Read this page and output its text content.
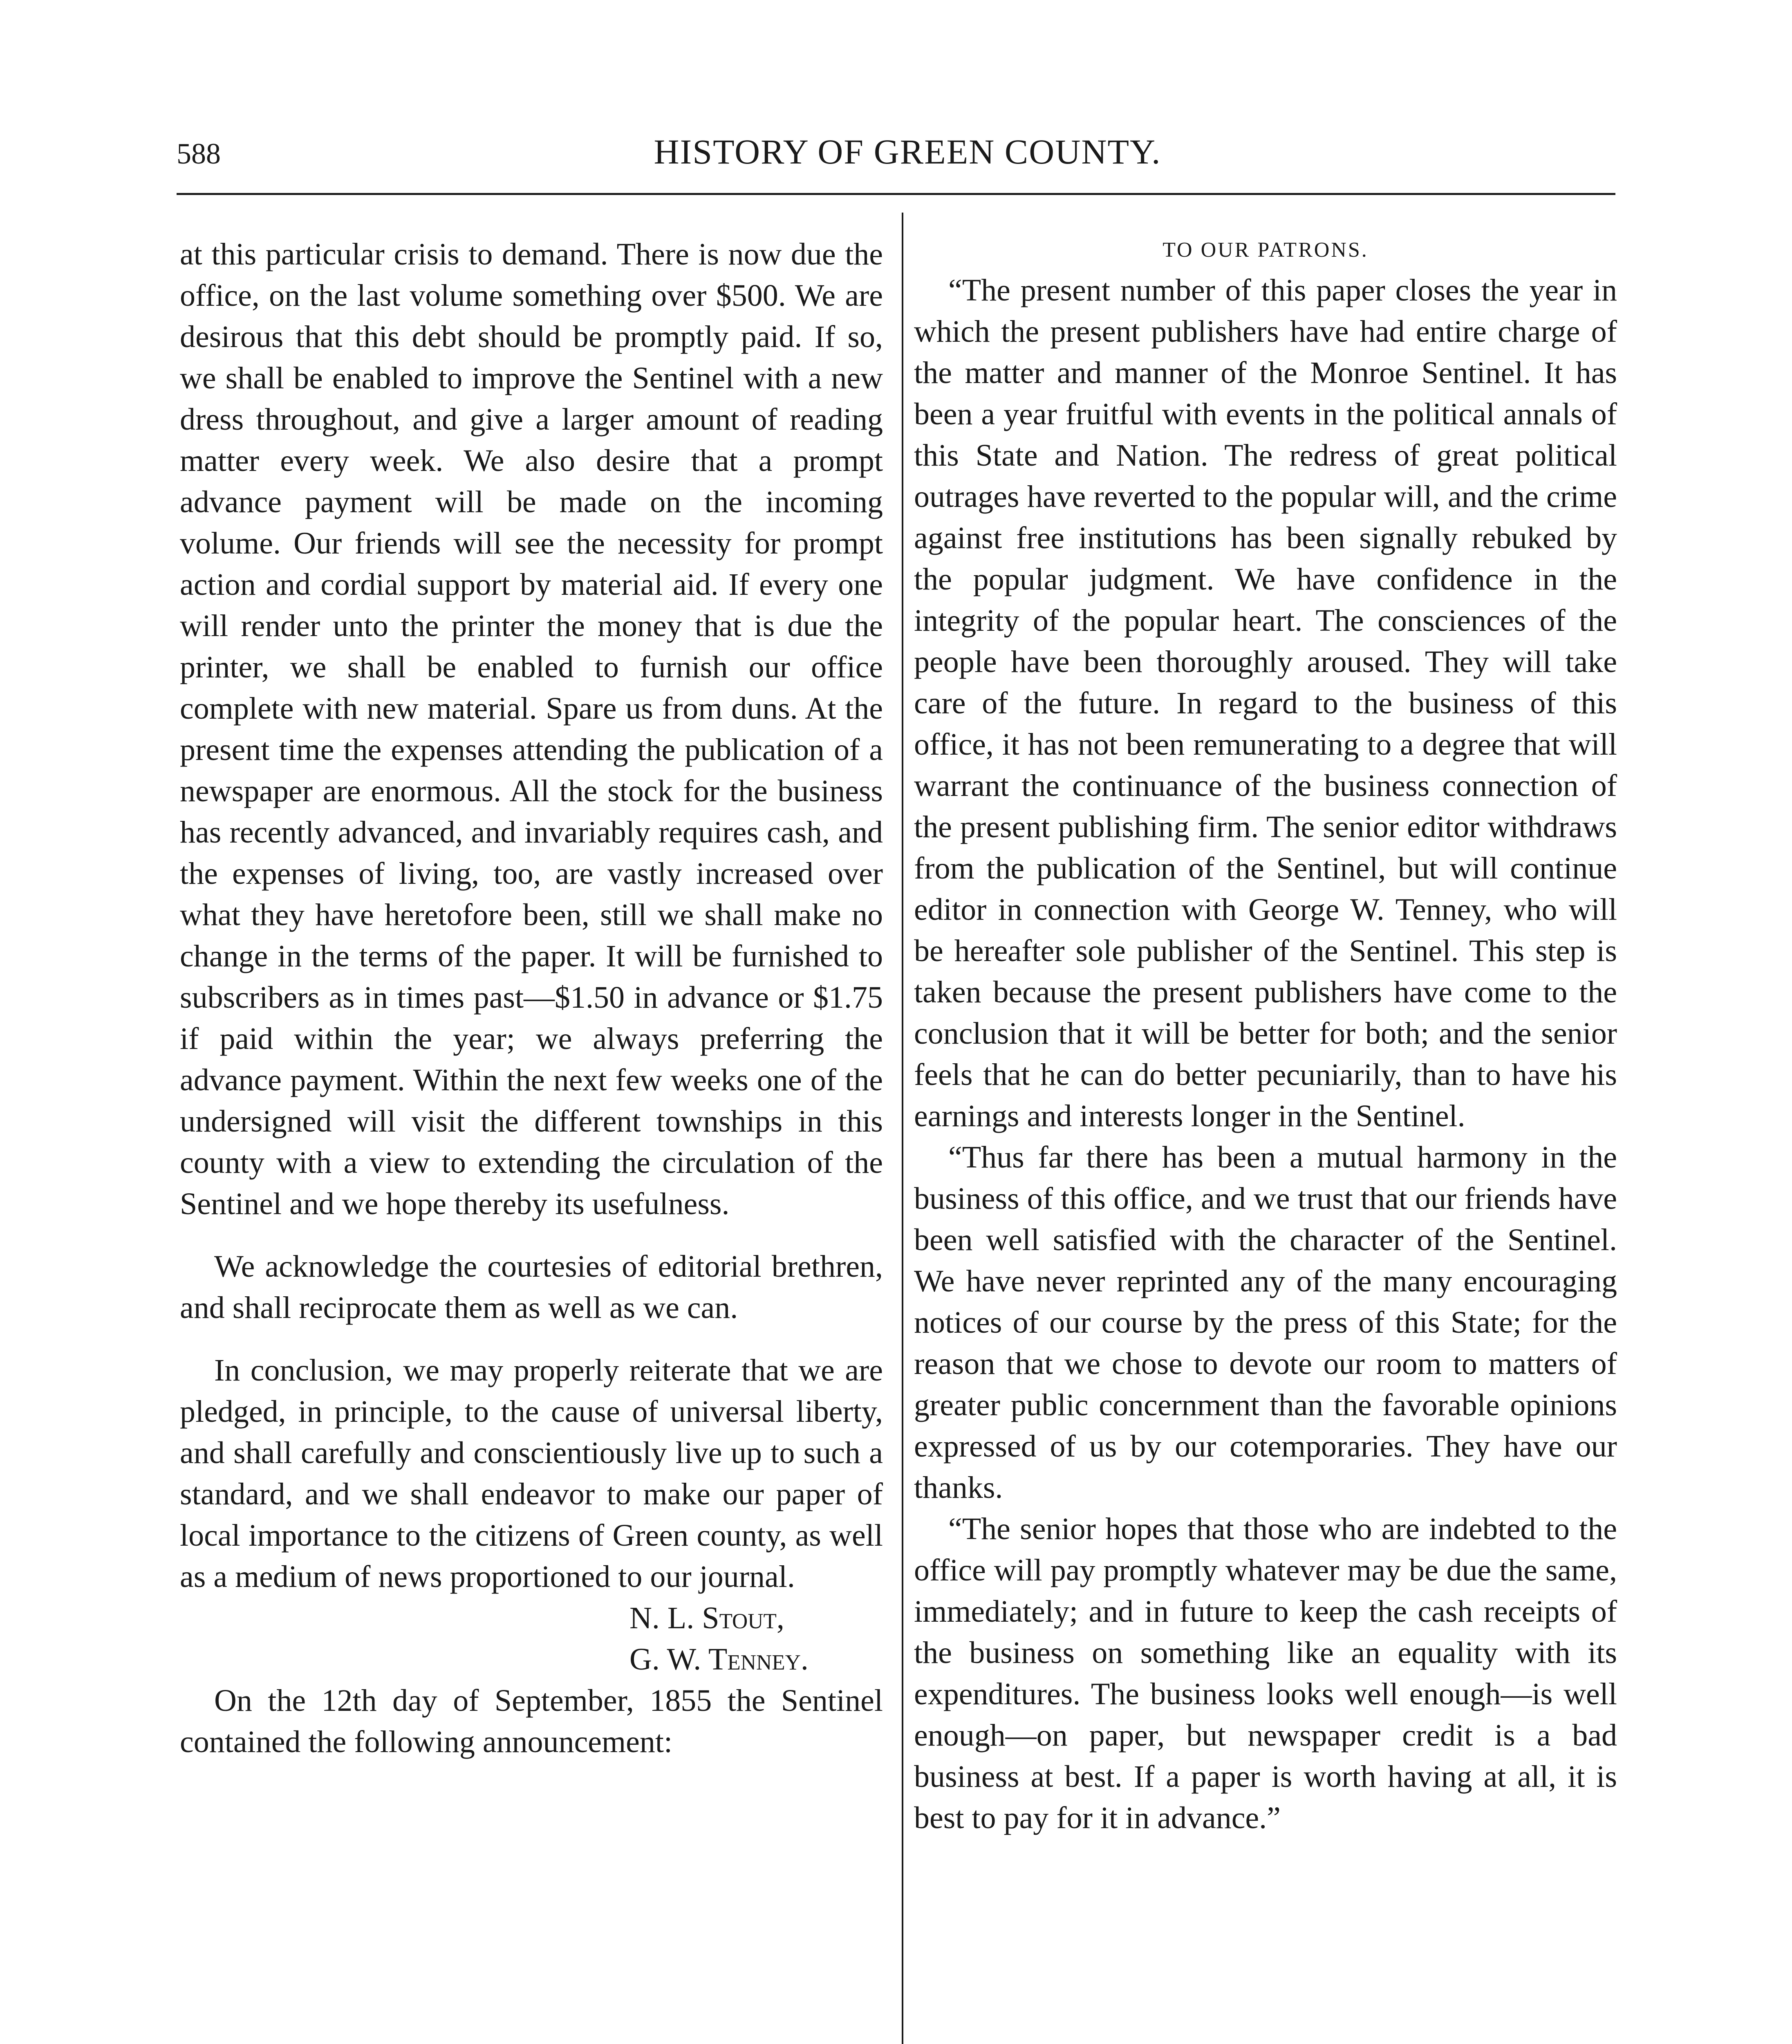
588	HISTORY OF GREEN COUNTY.

at this particular crisis to demand. There is now due the office, on the last volume something over $500. We are desirous that this debt should be promptly paid. If so, we shall be enabled to improve the Sentinel with a new dress throughout, and give a larger amount of reading matter every week. We also desire that a prompt advance payment will be made on the incoming volume. Our friends will see the necessity for prompt action and cordial support by material aid. If every one will render unto the printer the money that is due the printer, we shall be enabled to furnish our office complete with new material. Spare us from duns. At the present time the expenses attending the publication of a newspaper are enormous. All the stock for the business has recently advanced, and invariably requires cash, and the expenses of living, too, are vastly increased over what they have heretofore been, still we shall make no change in the terms of the paper. It will be furnished to subscribers as in times past—$1.50 in advance or $1.75 if paid within the year; we always preferring the advance payment. Within the next few weeks one of the undersigned will visit the different townships in this county with a view to extending the circulation of the Sentinel and we hope thereby its usefulness.

We acknowledge the courtesies of editorial brethren, and shall reciprocate them as well as we can.

In conclusion, we may properly reiterate that we are pledged, in principle, to the cause of universal liberty, and shall carefully and conscientiously live up to such a standard, and we shall endeavor to make our paper of local importance to the citizens of Green county, as well as a medium of news proportioned to our journal.

N. L. Stout,

G. W. Tenney.

On the 12th day of September, 1855 the Sentinel contained the following announcement:

TO OUR PATRONS.

“The present number of this paper closes the year in which the present publishers have had entire charge of the matter and manner of the Monroe Sentinel. It has been a year fruitful with events in the political annals of this State and Nation. The redress of great political outrages have reverted to the popular will, and the crime against free institutions has been signally rebuked by the popular judgment. We have confidence in the integrity of the popular heart. The consciences of the people have been thoroughly aroused. They will take care of the future. In regard to the business of this office, it has not been remunerating to a degree that will warrant the continuance of the business connection of the present publishing firm. The senior editor withdraws from the publication of the Sentinel, but will continue editor in connection with George W. Tenney, who will be hereafter sole publisher of the Sentinel. This step is taken because the present publishers have come to the conclusion that it will be better for both; and the senior feels that he can do better pecuniarily, than to have his earnings and interests longer in the Sentinel.

“Thus far there has been a mutual harmony in the business of this office, and we trust that our friends have been well satisfied with the character of the Sentinel. We have never reprinted any of the many encouraging notices of our course by the press of this State; for the reason that we chose to devote our room to matters of greater public concernment than the favorable opinions expressed of us by our cotemporaries. They have our thanks.

“The senior hopes that those who are indebted to the office will pay promptly whatever may be due the same, immediately; and in future to keep the cash receipts of the business on something like an equality with its expenditures. The business looks well enough—is well enough—on paper, but newspaper credit is a bad business at best. If a paper is worth having at all, it is best to pay for it in advance.”
